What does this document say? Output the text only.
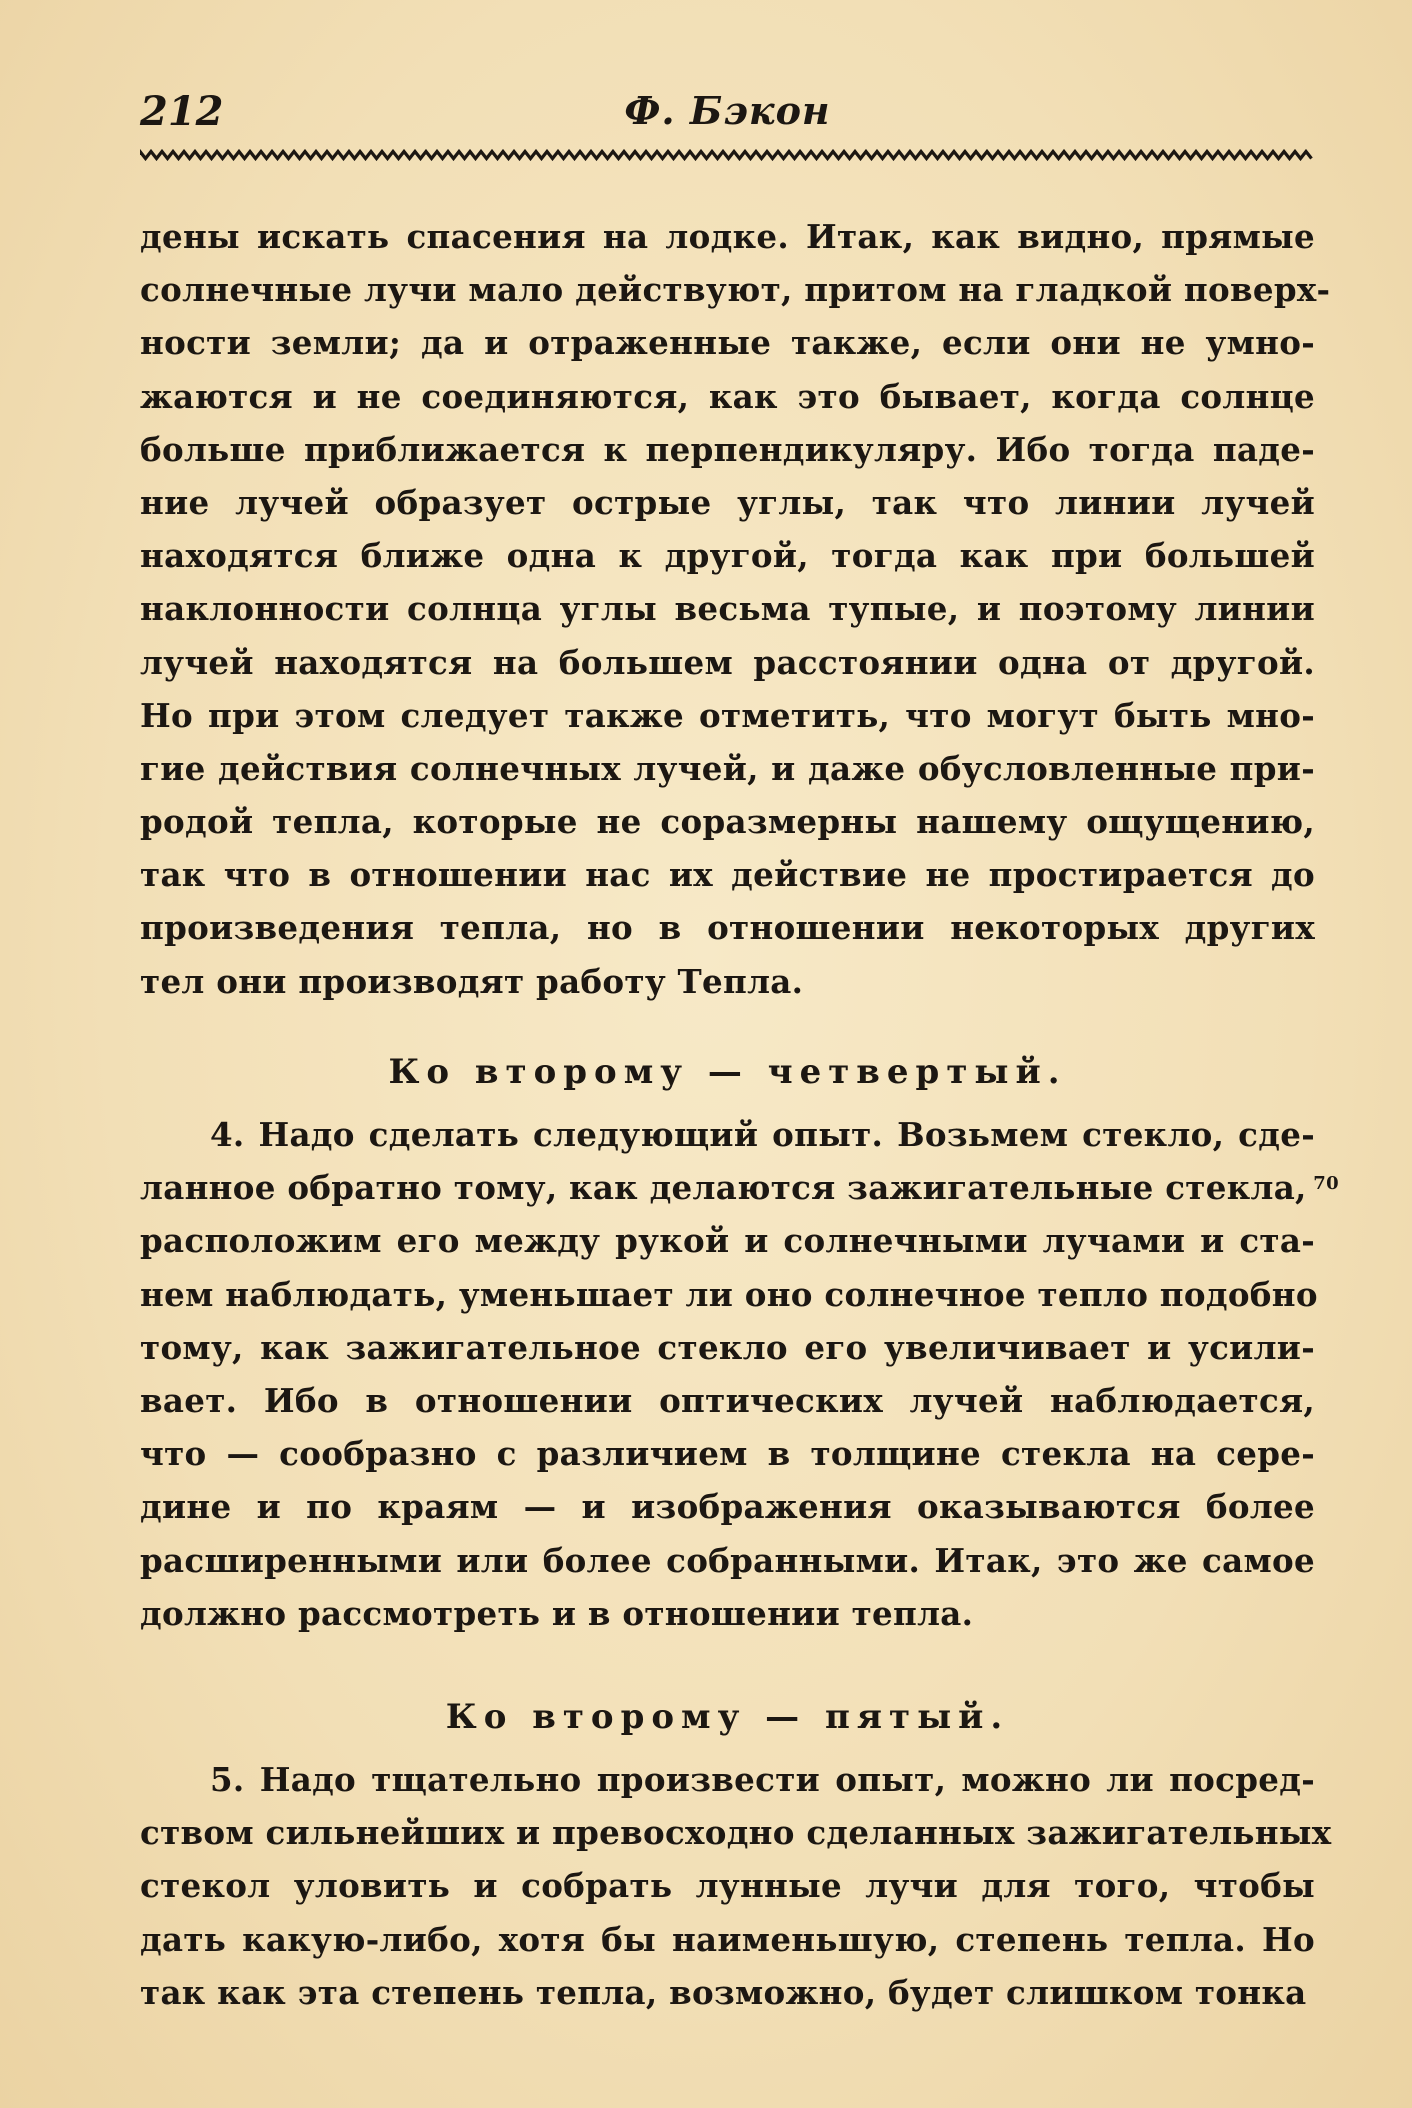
212	Ф. Бэкон
дены искать спасения на лодке. Итак, как видно, прямые
солнечные лучи мало действуют, притом на гладкой поверх-
ности земли; да и отраженные также, если они не умно-
жаются и не соединяются, как это бывает, когда солнце
больше приближается к перпендикуляру. Ибо тогда паде-
ние лучей образует острые углы, так что линии лучей
находятся ближе одна к другой, тогда как при большей
наклонности солнца углы весьма тупые, и поэтому линии
лучей находятся на большем расстоянии одна от другой.
Но при этом следует также отметить, что могут быть мно-
гие действия солнечных лучей, и даже обусловленные при-
родой тепла, которые не соразмерны нашему ощущению,
так что в отношении нас их действие не простирается до
произведения тепла, но в отношении некоторых других
тел они производят работу Тепла.
Ко второму — четвертый.
4. Надо сделать следующий опыт. Возьмем стекло, сде-
ланное обратно тому, как делаются зажигательные стекла, $^{70}$
расположим его между рукой и солнечными лучами и ста-
нем наблюдать, уменьшает ли оно солнечное тепло подобно
тому, как зажигательное стекло его увеличивает и усили-
вает. Ибо в отношении оптических лучей наблюдается,
что — сообразно с различием в толщине стекла на сере-
дине и по краям — и изображения оказываются более
расширенными или более собранными. Итак, это же самое
должно рассмотреть и в отношении тепла.
Ко второму — пятый.
5. Надо тщательно произвести опыт, можно ли посред-
ством сильнейших и превосходно сделанных зажигательных
стекол уловить и собрать лунные лучи для того, чтобы
дать какую-либо, хотя бы наименьшую, степень тепла. Но
так как эта степень тепла, возможно, будет слишком тонка
